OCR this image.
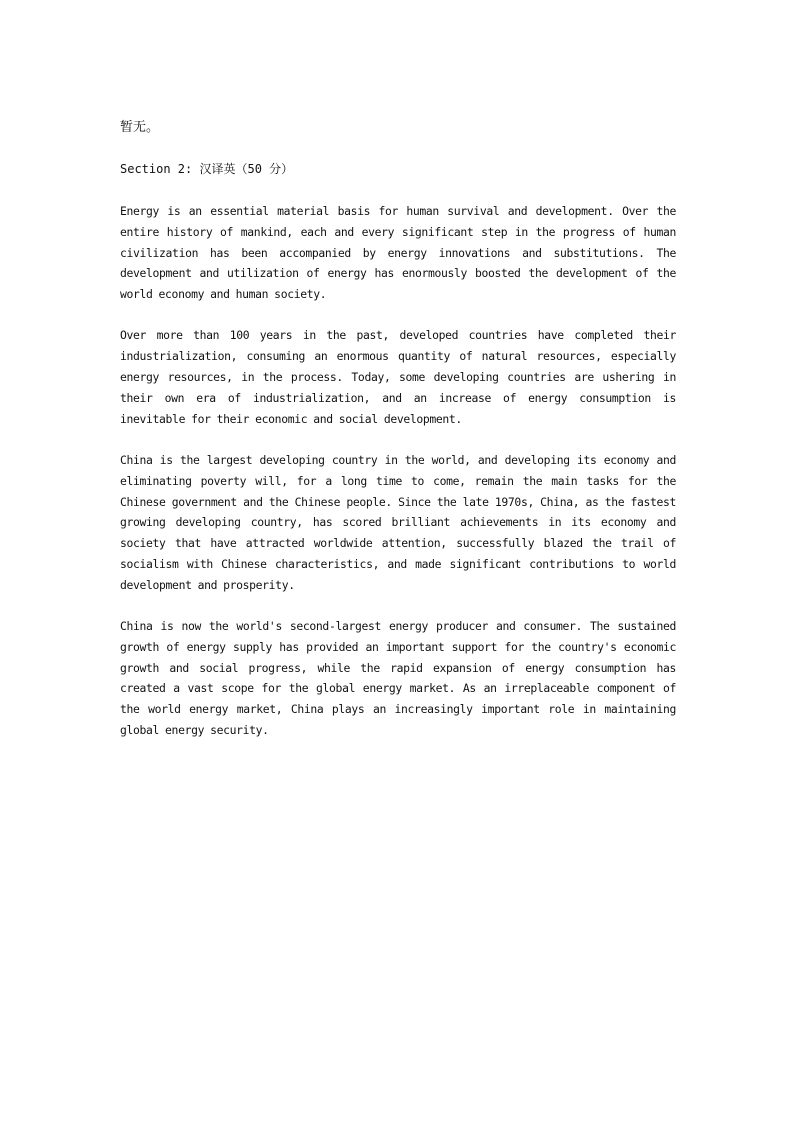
暂无。

Section 2: 汉译英（50 分）

Energy is an essential material basis for human survival and development. Over the entire history of mankind, each and every significant step in the progress of human civilization has been accompanied by energy innovations and substitutions. The development and utilization of energy has enormously boosted the development of the world economy and human society.

Over more than 100 years in the past, developed countries have completed their industrialization, consuming an enormous quantity of natural resources, especially energy resources, in the process. Today, some developing countries are ushering in their own era of industrialization, and an increase of energy consumption is inevitable for their economic and social development.

China is the largest developing country in the world, and developing its economy and eliminating poverty will, for a long time to come, remain the main tasks for the Chinese government and the Chinese people. Since the late 1970s, China, as the fastest growing developing country, has scored brilliant achievements in its economy and society that have attracted worldwide attention, successfully blazed the trail of socialism with Chinese characteristics, and made significant contributions to world development and prosperity.

China is now the world's second-largest energy producer and consumer. The sustained growth of energy supply has provided an important support for the country's economic growth and social progress, while the rapid expansion of energy consumption has created a vast scope for the global energy market. As an irreplaceable component of the world energy market, China plays an increasingly important role in maintaining global energy security.
